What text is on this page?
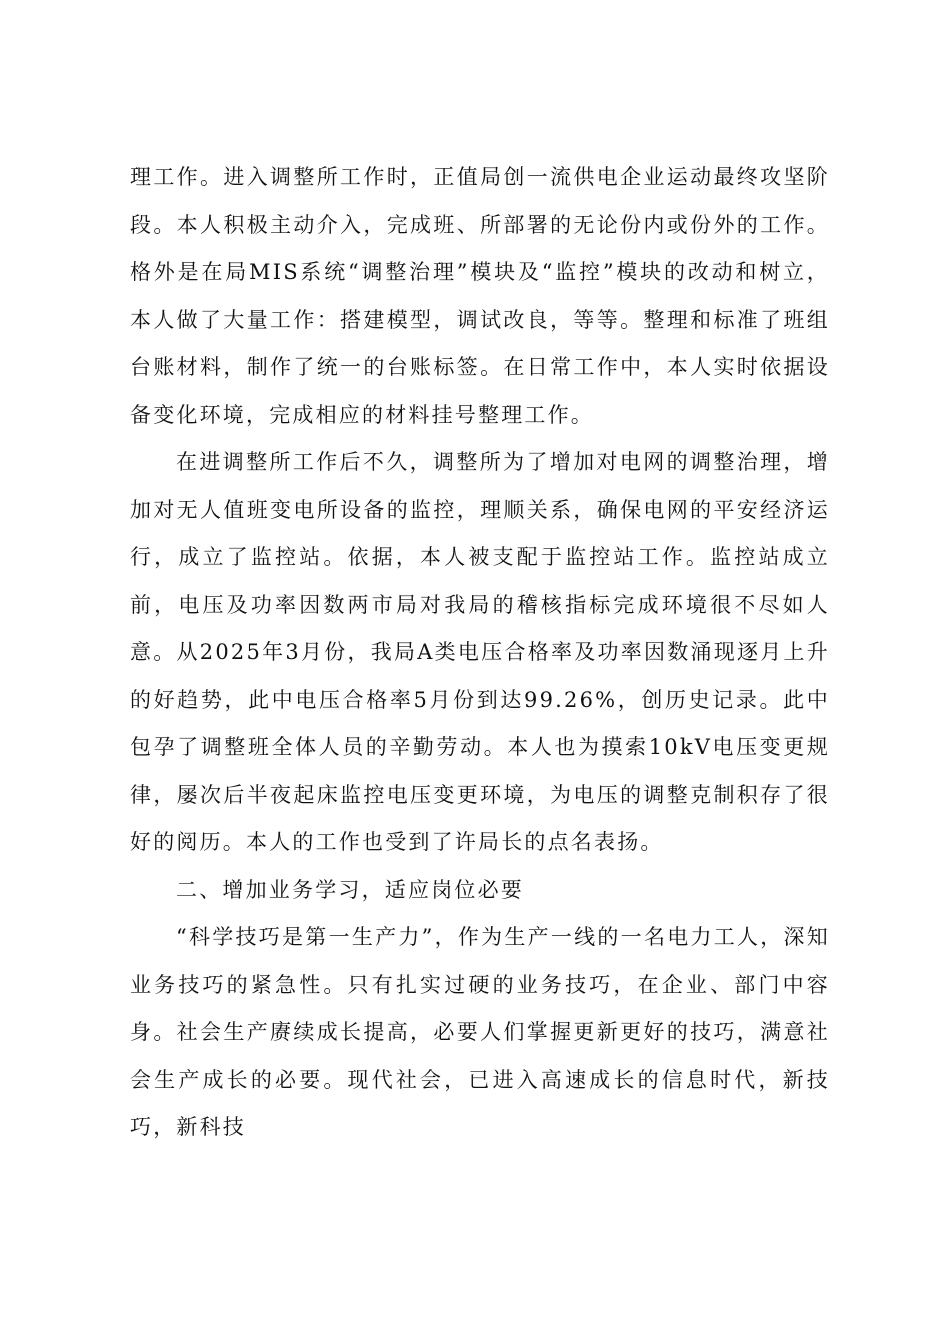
理工作。进入调整所工作时，正值局创一流供电企业运动最终攻坚阶段。本人积极主动介入，完成班、所部署的无论份内或份外的工作。格外是在局MIS系统“调整治理”模块及“监控”模块的改动和树立，本人做了大量工作：搭建模型，调试改良，等等。整理和标准了班组台账材料，制作了统一的台账标签。在日常工作中，本人实时依据设备变化环境，完成相应的材料挂号整理工作。

在进调整所工作后不久，调整所为了增加对电网的调整治理，增加对无人值班变电所设备的监控，理顺关系，确保电网的平安经济运行，成立了监控站。依据，本人被支配于监控站工作。监控站成立前，电压及功率因数两市局对我局的稽核指标完成环境很不尽如人意。从2025年3月份，我局A类电压合格率及功率因数涌现逐月上升的好趋势，此中电压合格率5月份到达99.26%，创历史记录。此中包孕了调整班全体人员的辛勤劳动。本人也为摸索10kV电压变更规律，屡次后半夜起床监控电压变更环境，为电压的调整克制积存了很好的阅历。本人的工作也受到了许局长的点名表扬。

二、增加业务学习，适应岗位必要

“科学技巧是第一生产力”，作为生产一线的一名电力工人，深知业务技巧的紧急性。只有扎实过硬的业务技巧，在企业、部门中容身。社会生产赓续成长提高，必要人们掌握更新更好的技巧，满意社会生产成长的必要。现代社会，已进入高速成长的信息时代，新技巧，新科技
